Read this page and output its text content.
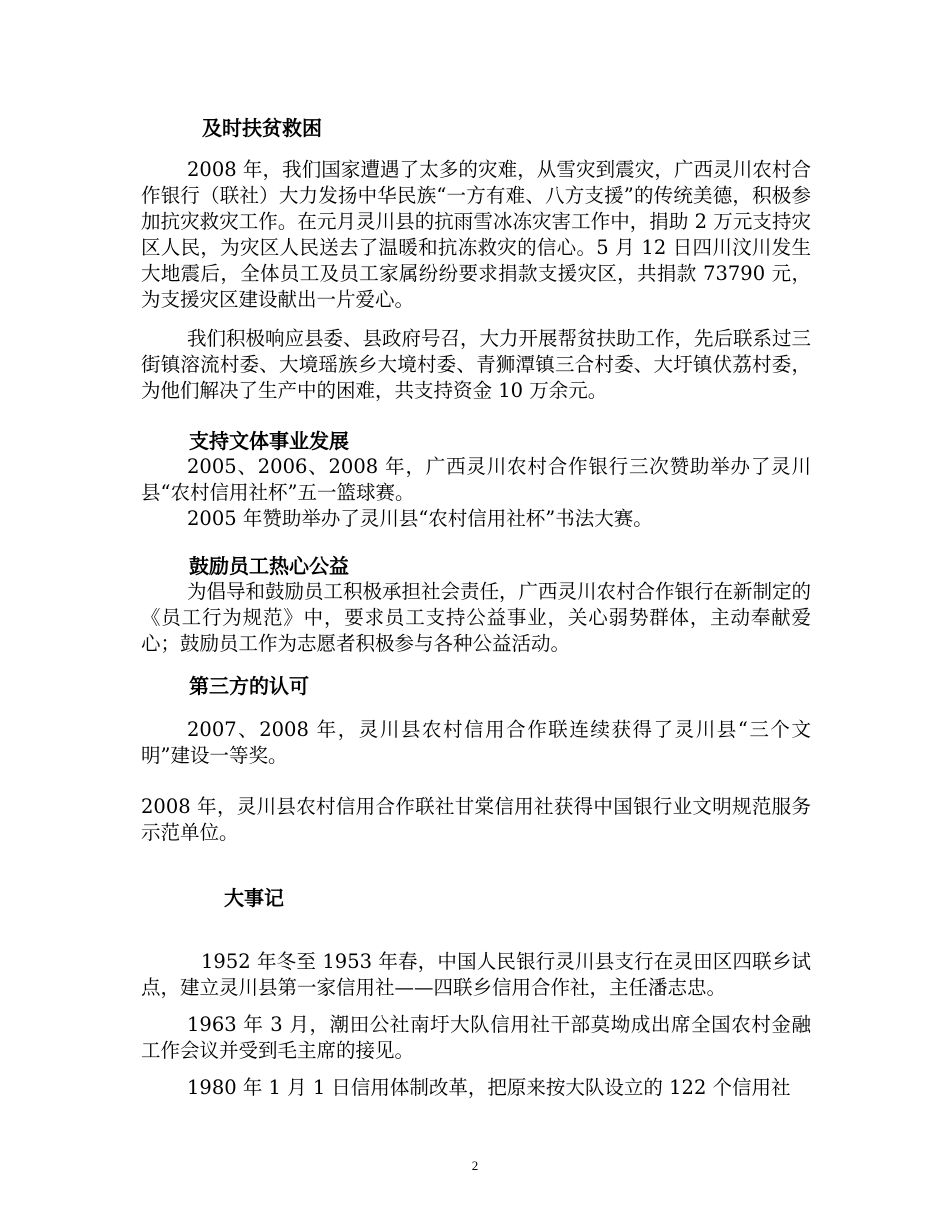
及时扶贫救困
2008 年，我们国家遭遇了太多的灾难，从雪灾到震灾，广西灵川农村合作银行（联社）大力发扬中华民族“一方有难、八方支援”的传统美德，积极参加抗灾救灾工作。在元月灵川县的抗雨雪冰冻灾害工作中，捐助 2 万元支持灾区人民，为灾区人民送去了温暖和抗冻救灾的信心。5 月 12 日四川汶川发生大地震后，全体员工及员工家属纷纷要求捐款支援灾区，共捐款 73790 元，为支援灾区建设献出一片爱心。
我们积极响应县委、县政府号召，大力开展帮贫扶助工作，先后联系过三街镇溶流村委、大境瑶族乡大境村委、青狮潭镇三合村委、大圩镇伏荔村委，为他们解决了生产中的困难，共支持资金 10 万余元。
支持文体事业发展
2005、2006、2008 年，广西灵川农村合作银行三次赞助举办了灵川县“农村信用社杯”五一篮球赛。
2005 年赞助举办了灵川县“农村信用社杯”书法大赛。
鼓励员工热心公益
为倡导和鼓励员工积极承担社会责任，广西灵川农村合作银行在新制定的《员工行为规范》中，要求员工支持公益事业，关心弱势群体，主动奉献爱心；鼓励员工作为志愿者积极参与各种公益活动。
第三方的认可
2007、2008 年，灵川县农村信用合作联连续获得了灵川县“三个文明”建设一等奖。
2008 年，灵川县农村信用合作联社甘棠信用社获得中国银行业文明规范服务示范单位。
大事记
1952 年冬至 1953 年春，中国人民银行灵川县支行在灵田区四联乡试点，建立灵川县第一家信用社——四联乡信用合作社，主任潘志忠。
1963 年 3 月，潮田公社南圩大队信用社干部莫坳成出席全国农村金融工作会议并受到毛主席的接见。
1980 年 1 月 1 日信用体制改革，把原来按大队设立的 122 个信用社
2
